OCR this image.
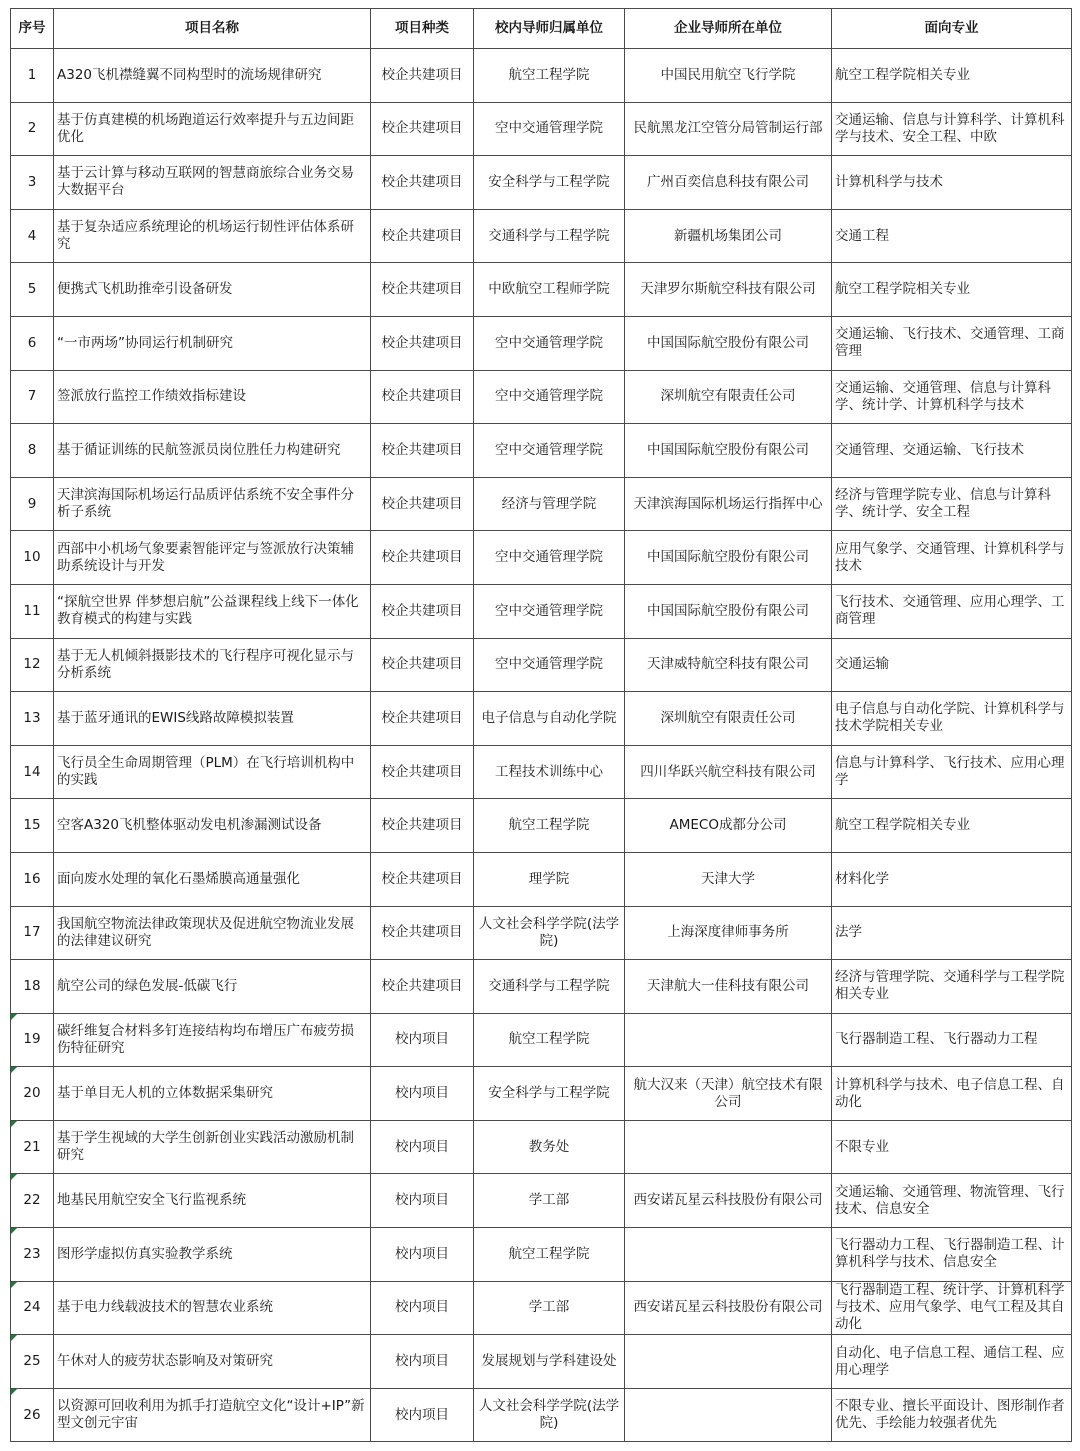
序号	项目名称	项目种类	校内导师归属单位	企业导师所在单位	面向专业
1	A320飞机襟缝翼不同构型时的流场规律研究	校企共建项目	航空工程学院	中国民用航空飞行学院	航空工程学院相关专业
2	基于仿真建模的机场跑道运行效率提升与五边间距优化	校企共建项目	空中交通管理学院	民航黑龙江空管分局管制运行部	交通运输、信息与计算科学、计算机科学与技术、安全工程、中欧
3	基于云计算与移动互联网的智慧商旅综合业务交易大数据平台	校企共建项目	安全科学与工程学院	广州百奕信息科技有限公司	计算机科学与技术
4	基于复杂适应系统理论的机场运行韧性评估体系研究	校企共建项目	交通科学与工程学院	新疆机场集团公司	交通工程
5	便携式飞机助推牵引设备研发	校企共建项目	中欧航空工程师学院	天津罗尔斯航空科技有限公司	航空工程学院相关专业
6	“一市两场”协同运行机制研究	校企共建项目	空中交通管理学院	中国国际航空股份有限公司	交通运输、飞行技术、交通管理、工商管理
7	签派放行监控工作绩效指标建设	校企共建项目	空中交通管理学院	深圳航空有限责任公司	交通运输、交通管理、信息与计算科学、统计学、计算机科学与技术
8	基于循证训练的民航签派员岗位胜任力构建研究	校企共建项目	空中交通管理学院	中国国际航空股份有限公司	交通管理、交通运输、飞行技术
9	天津滨海国际机场运行品质评估系统不安全事件分析子系统	校企共建项目	经济与管理学院	天津滨海国际机场运行指挥中心	经济与管理学院专业、信息与计算科学、统计学、安全工程
10	西部中小机场气象要素智能评定与签派放行决策辅助系统设计与开发	校企共建项目	空中交通管理学院	中国国际航空股份有限公司	应用气象学、交通管理、计算机科学与技术
11	“探航空世界 伴梦想启航”公益课程线上线下一体化教育模式的构建与实践	校企共建项目	空中交通管理学院	中国国际航空股份有限公司	飞行技术、交通管理、应用心理学、工商管理
12	基于无人机倾斜摄影技术的飞行程序可视化显示与分析系统	校企共建项目	空中交通管理学院	天津威特航空科技有限公司	交通运输
13	基于蓝牙通讯的EWIS线路故障模拟装置	校企共建项目	电子信息与自动化学院	深圳航空有限责任公司	电子信息与自动化学院、计算机科学与技术学院相关专业
14	飞行员全生命周期管理（PLM）在飞行培训机构中的实践	校企共建项目	工程技术训练中心	四川华跃兴航空科技有限公司	信息与计算科学、飞行技术、应用心理学
15	空客A320飞机整体驱动发电机渗漏测试设备	校企共建项目	航空工程学院	AMECO成都分公司	航空工程学院相关专业
16	面向废水处理的氧化石墨烯膜高通量强化	校企共建项目	理学院	天津大学	材料化学
17	我国航空物流法律政策现状及促进航空物流业发展的法律建议研究	校企共建项目	人文社会科学学院(法学院)	上海深度律师事务所	法学
18	航空公司的绿色发展-低碳飞行	校企共建项目	交通科学与工程学院	天津航大一佳科技有限公司	经济与管理学院、交通科学与工程学院相关专业
19	碳纤维复合材料多钉连接结构均布增压广布疲劳损伤特征研究	校内项目	航空工程学院		飞行器制造工程、飞行器动力工程
20	基于单目无人机的立体数据采集研究	校内项目	安全科学与工程学院	航大汉来（天津）航空技术有限公司	计算机科学与技术、电子信息工程、自动化
21	基于学生视域的大学生创新创业实践活动激励机制研究	校内项目	教务处		不限专业
22	地基民用航空安全飞行监视系统	校内项目	学工部	西安诺瓦星云科技股份有限公司	交通运输、交通管理、物流管理、飞行技术、信息安全
23	图形学虚拟仿真实验教学系统	校内项目	航空工程学院		飞行器动力工程、飞行器制造工程、计算机科学与技术、信息安全
24	基于电力线载波技术的智慧农业系统	校内项目	学工部	西安诺瓦星云科技股份有限公司	飞行器制造工程、统计学、计算机科学与技术、应用气象学、电气工程及其自动化
25	午休对人的疲劳状态影响及对策研究	校内项目	发展规划与学科建设处		自动化、电子信息工程、通信工程、应用心理学
26	以资源可回收利用为抓手打造航空文化“设计+IP”新型文创元宇宙	校内项目	人文社会科学学院(法学院)		不限专业、擅长平面设计、图形制作者优先、手绘能力较强者优先
